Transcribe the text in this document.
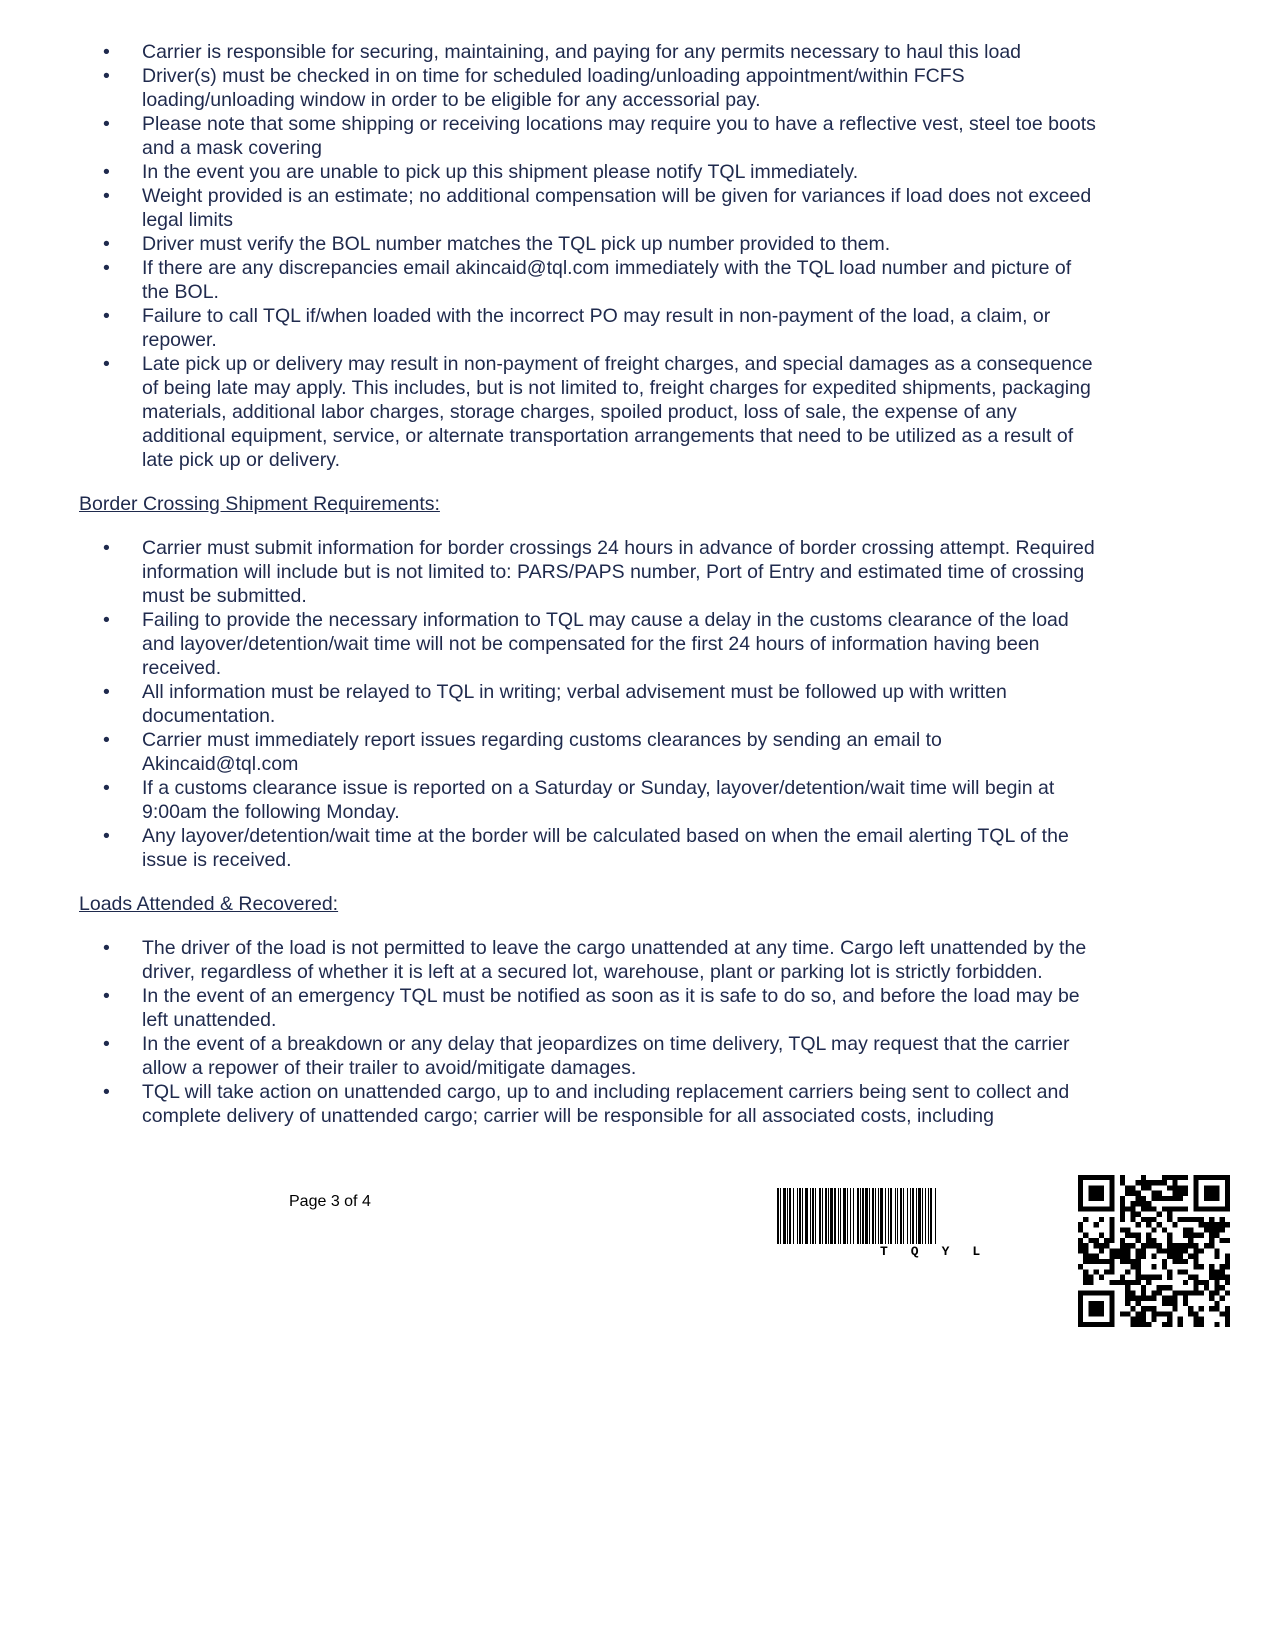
• Carrier is responsible for securing, maintaining, and paying for any permits necessary to haul this load
• Driver(s) must be checked in on time for scheduled loading/unloading appointment/within FCFS loading/unloading window in order to be eligible for any accessorial pay.
• Please note that some shipping or receiving locations may require you to have a reflective vest, steel toe boots and a mask covering
• In the event you are unable to pick up this shipment please notify TQL immediately.
• Weight provided is an estimate; no additional compensation will be given for variances if load does not exceed legal limits
• Driver must verify the BOL number matches the TQL pick up number provided to them.
• If there are any discrepancies email akincaid@tql.com immediately with the TQL load number and picture of the BOL.
• Failure to call TQL if/when loaded with the incorrect PO may result in non-payment of the load, a claim, or repower.
• Late pick up or delivery may result in non-payment of freight charges, and special damages as a consequence of being late may apply. This includes, but is not limited to, freight charges for expedited shipments, packaging materials, additional labor charges, storage charges, spoiled product, loss of sale, the expense of any additional equipment, service, or alternate transportation arrangements that need to be utilized as a result of late pick up or delivery.
Border Crossing Shipment Requirements:
• Carrier must submit information for border crossings 24 hours in advance of border crossing attempt. Required information will include but is not limited to: PARS/PAPS number, Port of Entry and estimated time of crossing must be submitted.
• Failing to provide the necessary information to TQL may cause a delay in the customs clearance of the load and layover/detention/wait time will not be compensated for the first 24 hours of information having been received.
• All information must be relayed to TQL in writing; verbal advisement must be followed up with written documentation.
• Carrier must immediately report issues regarding customs clearances by sending an email to Akincaid@tql.com
• If a customs clearance issue is reported on a Saturday or Sunday, layover/detention/wait time will begin at 9:00am the following Monday.
• Any layover/detention/wait time at the border will be calculated based on when the email alerting TQL of the issue is received.
Loads Attended & Recovered:
• The driver of the load is not permitted to leave the cargo unattended at any time. Cargo left unattended by the driver, regardless of whether it is left at a secured lot, warehouse, plant or parking lot is strictly forbidden.
• In the event of an emergency TQL must be notified as soon as it is safe to do so, and before the load may be left unattended.
• In the event of a breakdown or any delay that jeopardizes on time delivery, TQL may request that the carrier allow a repower of their trailer to avoid/mitigate damages.
• TQL will take action on unattended cargo, up to and including replacement carriers being sent to collect and complete delivery of unattended cargo; carrier will be responsible for all associated costs, including
Page 3 of 4
TQYL
